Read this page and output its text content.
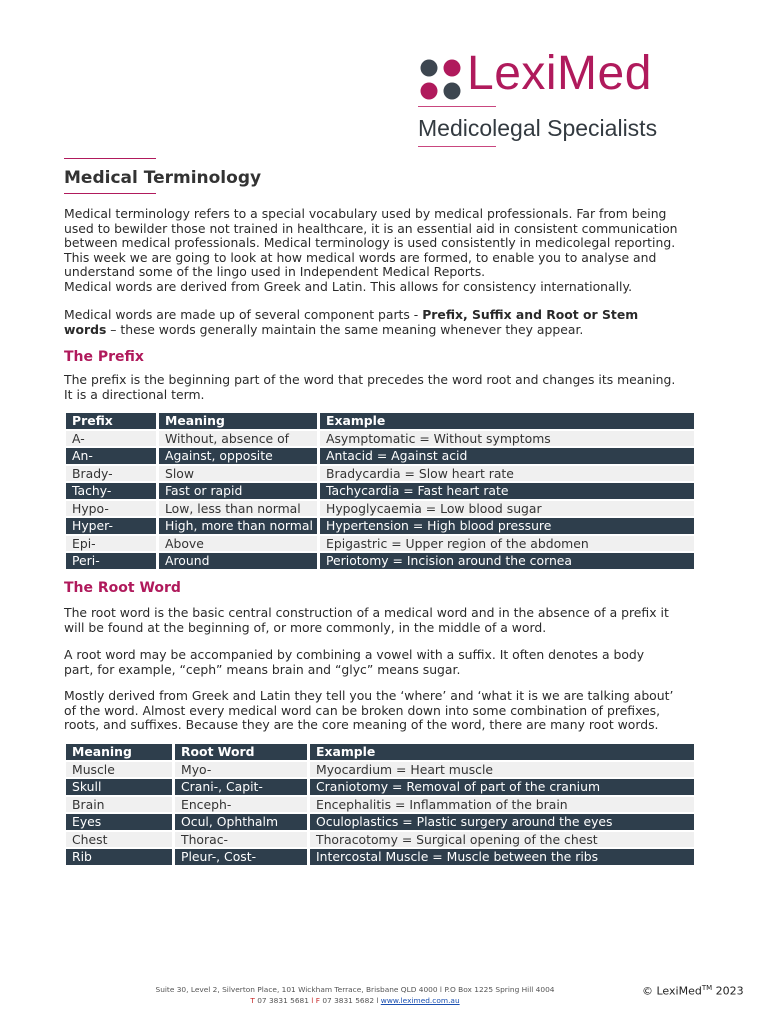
LexiMed
Medicolegal Specialists
Medical Terminology
Medical terminology refers to a special vocabulary used by medical professionals. Far from being
used to bewilder those not trained in healthcare, it is an essential aid in consistent communication
between medical professionals. Medical terminology is used consistently in medicolegal reporting.
This week we are going to look at how medical words are formed, to enable you to analyse and
understand some of the lingo used in Independent Medical Reports.
Medical words are derived from Greek and Latin. This allows for consistency internationally.
Medical words are made up of several component parts - Prefix, Suffix and Root or Stem
words – these words generally maintain the same meaning whenever they appear.
The Prefix
The prefix is the beginning part of the word that precedes the word root and changes its meaning.
It is a directional term.
Prefix		Meaning		Example
A-		Without, absence of		Asymptomatic = Without symptoms
An-		Against, opposite		Antacid = Against acid
Brady-		Slow		Bradycardia = Slow heart rate
Tachy-		Fast or rapid		Tachycardia = Fast heart rate
Hypo-		Low, less than normal		Hypoglycaemia = Low blood sugar
Hyper-		High, more than normal		Hypertension = High blood pressure
Epi-		Above		Epigastric = Upper region of the abdomen
Peri-		Around		Periotomy = Incision around the cornea
The Root Word
The root word is the basic central construction of a medical word and in the absence of a prefix it
will be found at the beginning of, or more commonly, in the middle of a word.
A root word may be accompanied by combining a vowel with a suffix. It often denotes a body
part, for example, “ceph” means brain and “glyc” means sugar.
Mostly derived from Greek and Latin they tell you the ‘where’ and ‘what it is we are talking about’
of the word. Almost every medical word can be broken down into some combination of prefixes,
roots, and suffixes. Because they are the core meaning of the word, there are many root words.
Meaning		Root Word		Example
Muscle		Myo-		Myocardium = Heart muscle
Skull		Crani-, Capit-		Craniotomy = Removal of part of the cranium
Brain		Enceph-		Encephalitis = Inflammation of the brain
Eyes		Ocul, Ophthalm		Oculoplastics = Plastic surgery around the eyes
Chest		Thorac-		Thoracotomy = Surgical opening of the chest
Rib		Pleur-, Cost-		Intercostal Muscle = Muscle between the ribs
Suite 30, Level 2, Silverton Place, 101 Wickham Terrace, Brisbane QLD 4000 l P.O Box 1225 Spring Hill 4004
T 07 3831 5681 l F 07 3831 5682 l www.leximed.com.au
© LexiMed™ 2023
